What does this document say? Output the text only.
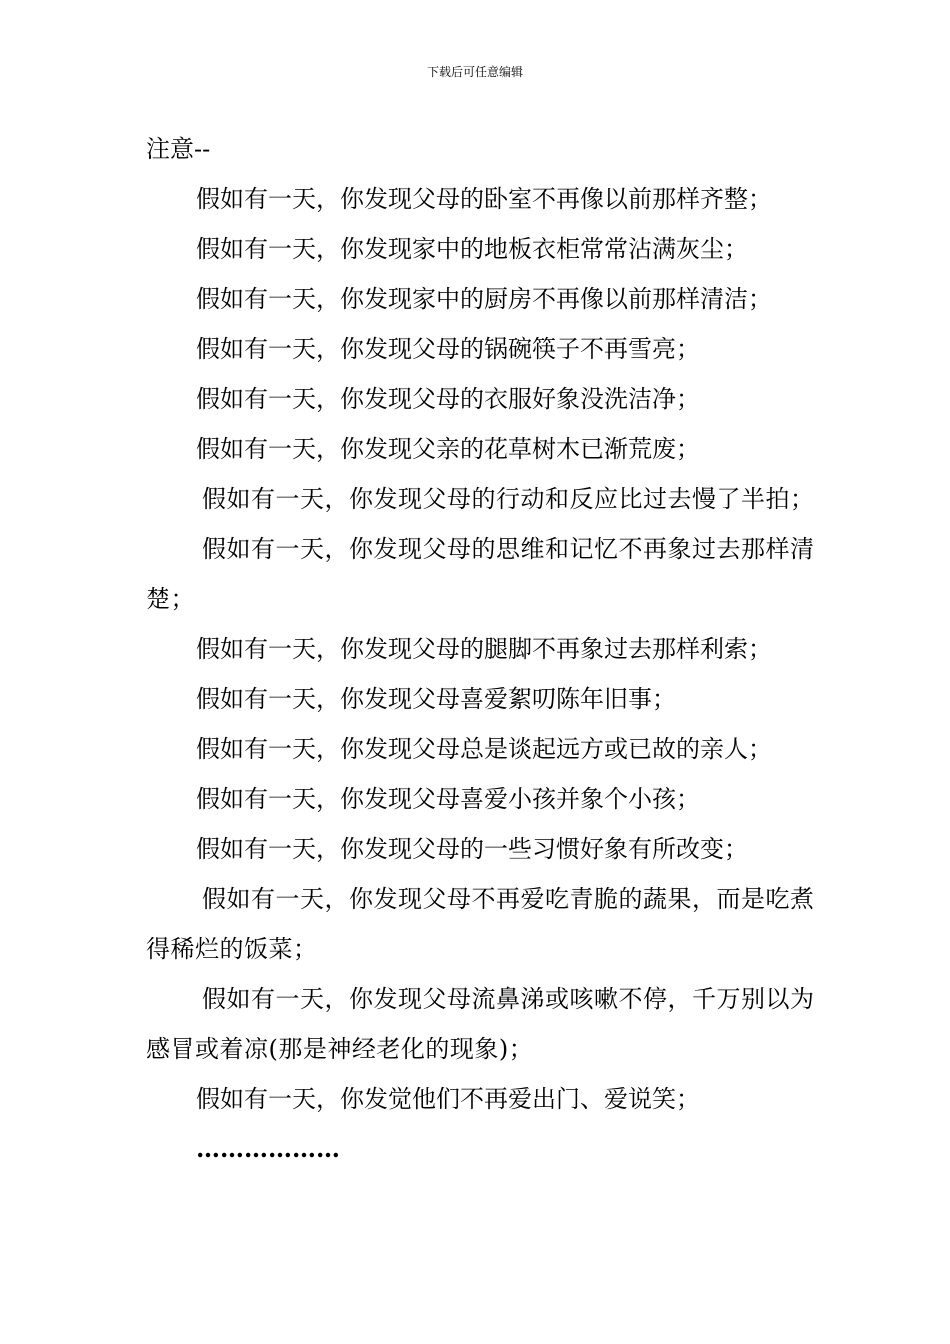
下载后可任意编辑
注意--
假如有一天，你发现父母的卧室不再像以前那样齐整；
假如有一天，你发现家中的地板衣柜常常沾满灰尘；
假如有一天，你发现家中的厨房不再像以前那样清洁；
假如有一天，你发现父母的锅碗筷子不再雪亮；
假如有一天，你发现父母的衣服好象没洗洁净；
假如有一天，你发现父亲的花草树木已渐荒废；
假如有一天，你发现父母的行动和反应比过去慢了半拍；
假如有一天，你发现父母的思维和记忆不再象过去那样清楚；
假如有一天，你发现父母的腿脚不再象过去那样利索；
假如有一天，你发现父母喜爱絮叨陈年旧事；
假如有一天，你发现父母总是谈起远方或已故的亲人；
假如有一天，你发现父母喜爱小孩并象个小孩；
假如有一天，你发现父母的一些习惯好象有所改变；
假如有一天，你发现父母不再爱吃青脆的蔬果，而是吃煮得稀烂的饭菜；
假如有一天，你发现父母流鼻涕或咳嗽不停，千万别以为感冒或着凉(那是神经老化的现象)；
假如有一天，你发觉他们不再爱出门、爱说笑；
………………
